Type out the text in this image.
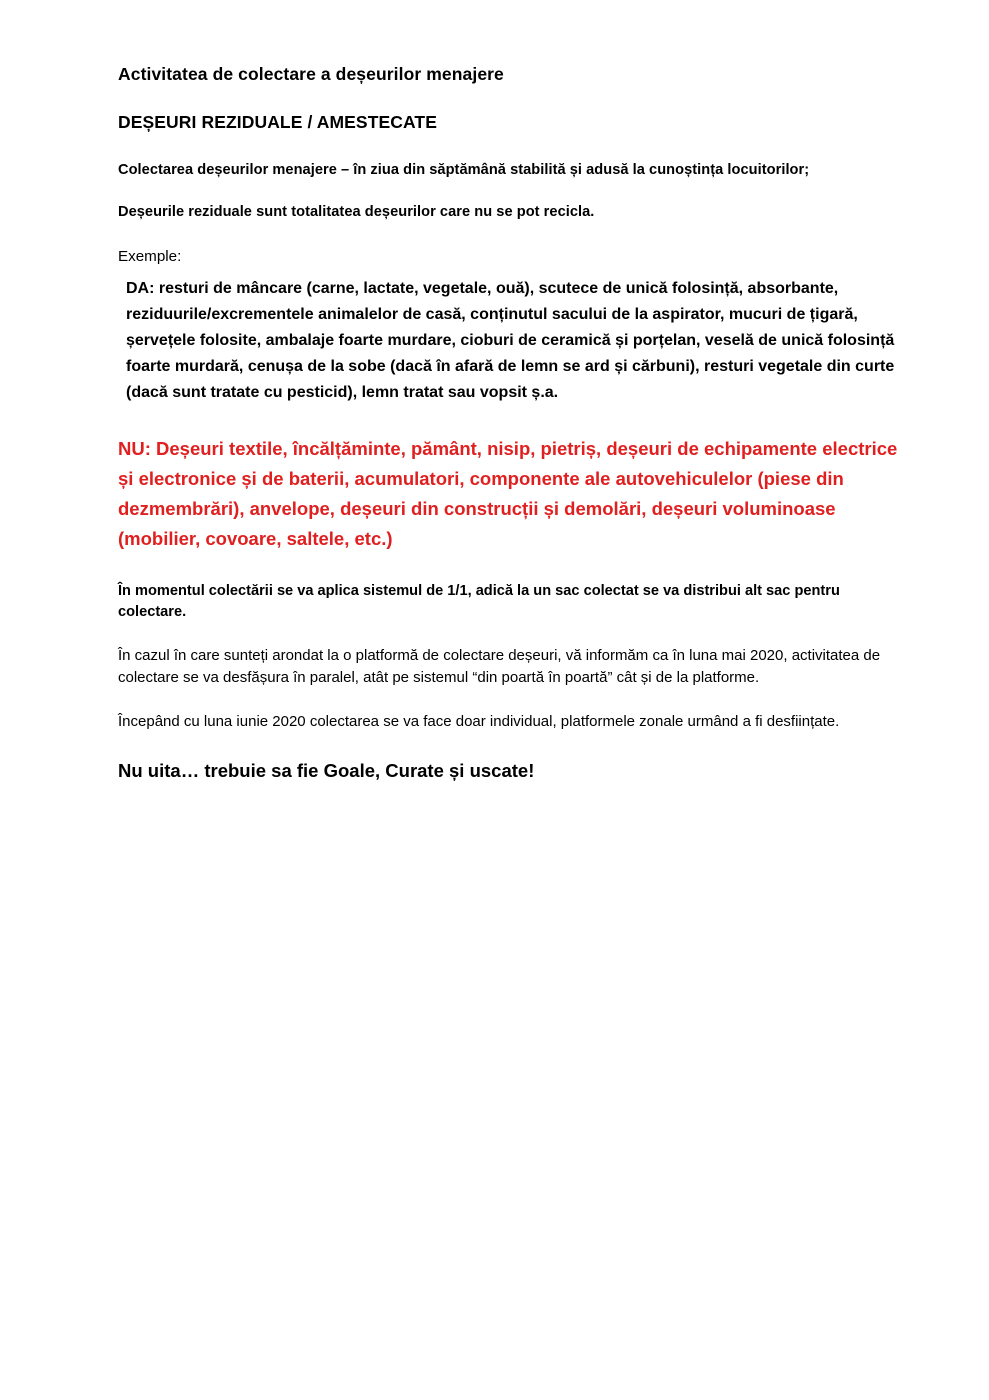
Activitatea de colectare a deșeurilor menajere

DEȘEURI REZIDUALE / AMESTECATE

Colectarea deșeurilor menajere – în ziua din săptămână stabilită și adusă la cunoștința locuitorilor;

Deșeurile reziduale sunt totalitatea deșeurilor care nu se pot recicla.

Exemple:

DA: resturi de mâncare (carne, lactate, vegetale, ouă), scutece de unică folosință, absorbante, reziduurile/excrementele animalelor de casă, conținutul sacului de la aspirator, mucuri de țigară, șervețele folosite, ambalaje foarte murdare, cioburi de ceramică și porțelan, veselă de unică folosință foarte murdară, cenușa de la sobe (dacă în afară de lemn se ard și cărbuni), resturi vegetale din curte (dacă sunt tratate cu pesticid), lemn tratat sau vopsit ș.a.

NU: Deșeuri textile, încălțăminte, pământ, nisip, pietriș, deșeuri de echipamente electrice și electronice și de baterii, acumulatori, componente ale autovehiculelor (piese din dezmembrări), anvelope, deșeuri din construcții și demolări, deșeuri voluminoase (mobilier, covoare, saltele, etc.)

În momentul colectării se va aplica sistemul de 1/1, adică la un sac colectat se va distribui alt sac pentru colectare.

În cazul în care sunteți arondat la o platformă de colectare deșeuri, vă informăm ca în luna mai 2020, activitatea de colectare se va desfășura în paralel, atât pe sistemul “din poartă în poartă” cât și de la platforme.

Începând cu luna iunie 2020 colectarea se va face doar individual, platformele zonale urmând a fi desființate.

Nu uita… trebuie sa fie Goale, Curate și uscate!
